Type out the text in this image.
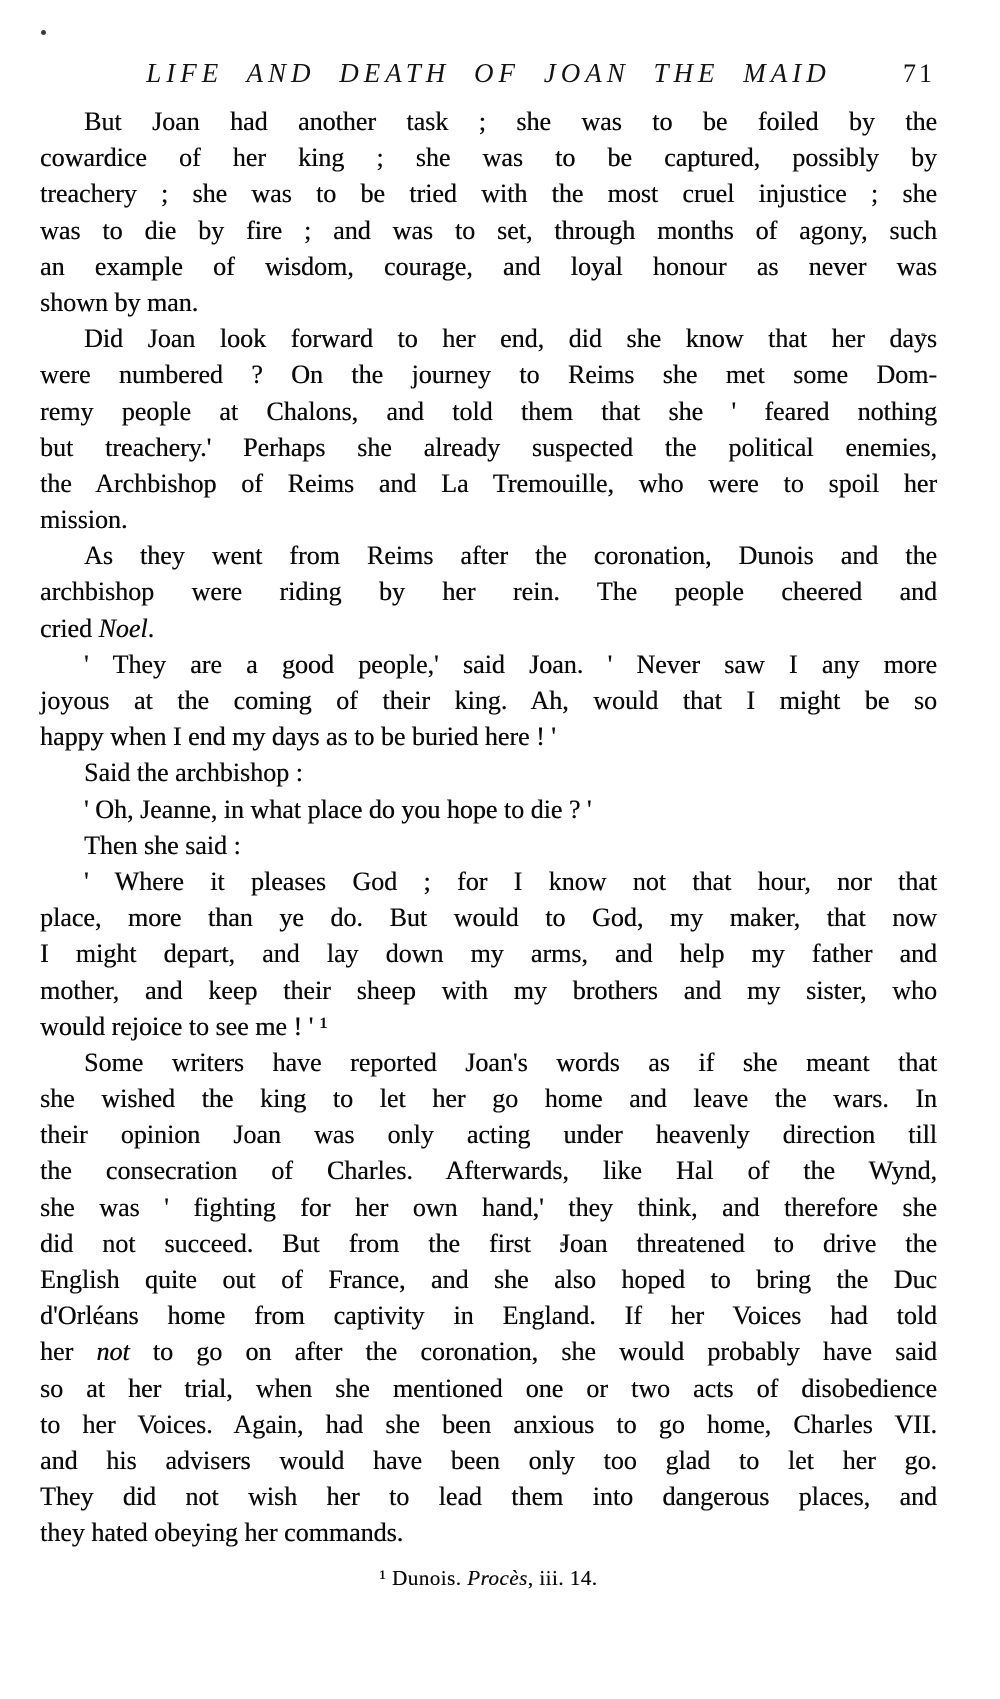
LIFE AND DEATH OF JOAN THE MAID	71
But Joan had another task ; she was to be foiled by the
cowardice of her king ; she was to be captured, possibly by
treachery ; she was to be tried with the most cruel injustice ; she
was to die by fire ; and was to set, through months of agony, such
an example of wisdom, courage, and loyal honour as never was
shown by man.
Did Joan look forward to her end, did she know that her days
were numbered ? On the journey to Reims she met some Dom-
remy people at Chalons, and told them that she ' feared nothing
but treachery.' Perhaps she already suspected the political enemies,
the Archbishop of Reims and La Tremouille, who were to spoil her
mission.
As they went from Reims after the coronation, Dunois and the
archbishop were riding by her rein. The people cheered and
cried Noel.
' They are a good people,' said Joan. ' Never saw I any more
joyous at the coming of their king. Ah, would that I might be so
happy when I end my days as to be buried here ! '
Said the archbishop :
' Oh, Jeanne, in what place do you hope to die ? '
Then she said :
' Where it pleases God ; for I know not that hour, nor that
place, more than ye do. But would to God, my maker, that now
I might depart, and lay down my arms, and help my father and
mother, and keep their sheep with my brothers and my sister, who
would rejoice to see me ! ' ¹
Some writers have reported Joan's words as if she meant that
she wished the king to let her go home and leave the wars. In
their opinion Joan was only acting under heavenly direction till
the consecration of Charles. Afterwards, like Hal of the Wynd,
she was ' fighting for her own hand,' they think, and therefore she
did not succeed. But from the first Joan threatened to drive the
English quite out of France, and she also hoped to bring the Duc
d'Orléans home from captivity in England. If her Voices had told
her not to go on after the coronation, she would probably have said
so at her trial, when she mentioned one or two acts of disobedience
to her Voices. Again, had she been anxious to go home, Charles VII.
and his advisers would have been only too glad to let her go.
They did not wish her to lead them into dangerous places, and
they hated obeying her commands.
¹ Dunois. Procès, iii. 14.
